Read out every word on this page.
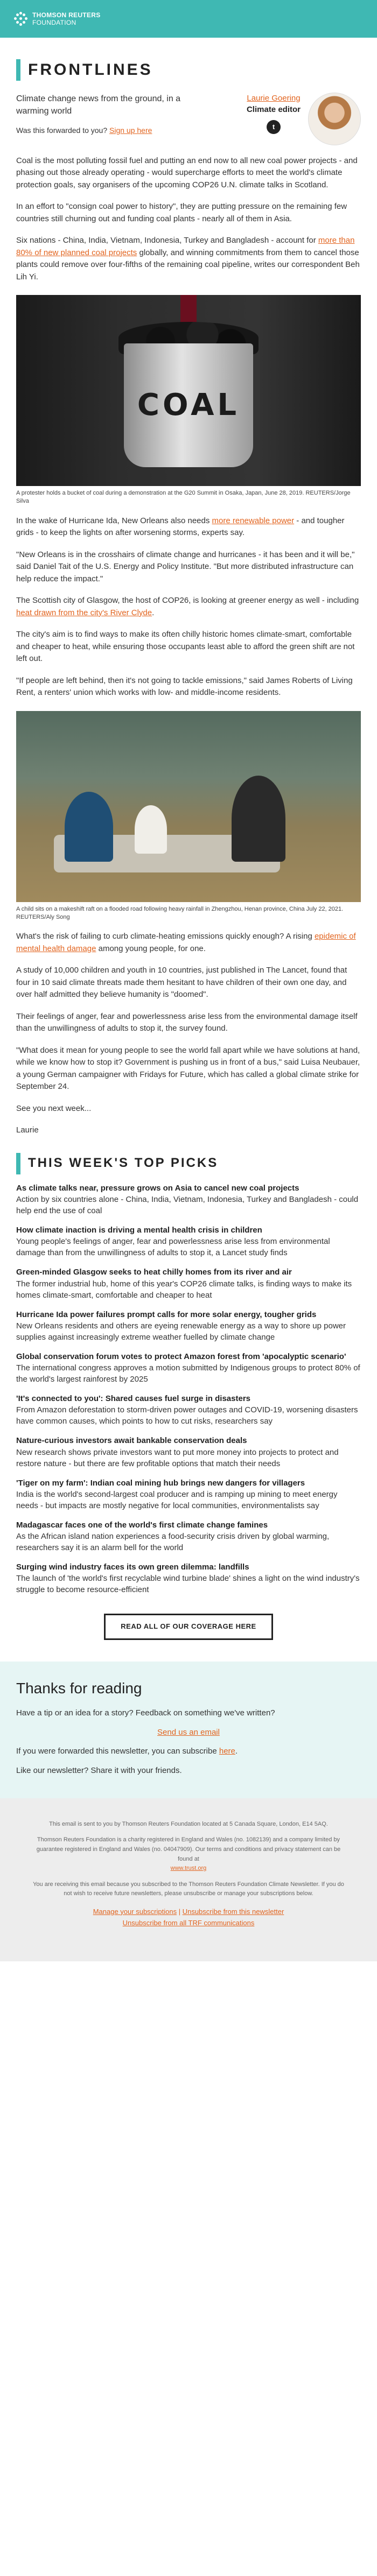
THOMSON REUTERS
FOUNDATION
FRONTLINES
Climate change news from the ground, in a warming world
Was this forwarded to you? Sign up here
Laurie Goering
Climate editor
t

Coal is the most polluting fossil fuel and putting an end now to all new coal power projects - and phasing out those already operating - would supercharge efforts to meet the world's climate protection goals, say organisers of the upcoming COP26 U.N. climate talks in Scotland.

In an effort to "consign coal power to history", they are putting pressure on the remaining few countries still churning out and funding coal plants - nearly all of them in Asia.

Six nations - China, India, Vietnam, Indonesia, Turkey and Bangladesh - account for more than 80% of new planned coal projects globally, and winning commitments from them to cancel those plants could remove over four-fifths of the remaining coal pipeline, writes our correspondent Beh Lih Yi.

COAL
A protester holds a bucket of coal during a demonstration at the G20 Summit in Osaka, Japan, June 28, 2019. REUTERS/Jorge Silva

In the wake of Hurricane Ida, New Orleans also needs more renewable power - and tougher grids - to keep the lights on after worsening storms, experts say.

"New Orleans is in the crosshairs of climate change and hurricanes - it has been and it will be," said Daniel Tait of the U.S. Energy and Policy Institute. "But more distributed infrastructure can help reduce the impact."

The Scottish city of Glasgow, the host of COP26, is looking at greener energy as well - including heat drawn from the city's River Clyde.

The city's aim is to find ways to make its often chilly historic homes climate-smart, comfortable and cheaper to heat, while ensuring those occupants least able to afford the green shift are not left out.

"If people are left behind, then it's not going to tackle emissions," said James Roberts of Living Rent, a renters' union which works with low- and middle-income residents.

A child sits on a makeshift raft on a flooded road following heavy rainfall in Zhengzhou, Henan province, China July 22, 2021. REUTERS/Aly Song

What's the risk of failing to curb climate-heating emissions quickly enough? A rising epidemic of mental health damage among young people, for one.

A study of 10,000 children and youth in 10 countries, just published in The Lancet, found that four in 10 said climate threats made them hesitant to have children of their own one day, and over half admitted they believe humanity is "doomed".

Their feelings of anger, fear and powerlessness arise less from the environmental damage itself than the unwillingness of adults to stop it, the survey found.

"What does it mean for young people to see the world fall apart while we have solutions at hand, while we know how to stop it? Government is pushing us in front of a bus," said Luisa Neubauer, a young German campaigner with Fridays for Future, which has called a global climate strike for September 24.

See you next week...

Laurie

THIS WEEK'S TOP PICKS
As climate talks near, pressure grows on Asia to cancel new coal projects
Action by six countries alone - China, India, Vietnam, Indonesia, Turkey and Bangladesh - could help end the use of coal
How climate inaction is driving a mental health crisis in children
Young people's feelings of anger, fear and powerlessness arise less from environmental damage than from the unwillingness of adults to stop it, a Lancet study finds
Green-minded Glasgow seeks to heat chilly homes from its river and air
The former industrial hub, home of this year's COP26 climate talks, is finding ways to make its homes climate-smart, comfortable and cheaper to heat
Hurricane Ida power failures prompt calls for more solar energy, tougher grids
New Orleans residents and others are eyeing renewable energy as a way to shore up power supplies against increasingly extreme weather fuelled by climate change
Global conservation forum votes to protect Amazon forest from 'apocalyptic scenario'
The international congress approves a motion submitted by Indigenous groups to protect 80% of the world's largest rainforest by 2025
'It's connected to you': Shared causes fuel surge in disasters
From Amazon deforestation to storm-driven power outages and COVID-19, worsening disasters have common causes, which points to how to cut risks, researchers say
Nature-curious investors await bankable conservation deals
New research shows private investors want to put more money into projects to protect and restore nature - but there are few profitable options that match their needs
'Tiger on my farm': Indian coal mining hub brings new dangers for villagers
India is the world's second-largest coal producer and is ramping up mining to meet energy needs - but impacts are mostly negative for local communities, environmentalists say
Madagascar faces one of the world's first climate change famines
As the African island nation experiences a food-security crisis driven by global warming, researchers say it is an alarm bell for the world
Surging wind industry faces its own green dilemma: landfills
The launch of 'the world's first recyclable wind turbine blade' shines a light on the wind industry's struggle to become resource-efficient
READ ALL OF OUR COVERAGE HERE
Thanks for reading

Have a tip or an idea for a story? Feedback on something we've written?

Send us an email

If you were forwarded this newsletter, you can subscribe here.

Like our newsletter? Share it with your friends.

This email is sent to you by Thomson Reuters Foundation located at 5 Canada Square, London, E14 5AQ.

Thomson Reuters Foundation is a charity registered in England and Wales (no. 1082139) and a company limited by guarantee registered in England and Wales (no. 04047909). Our terms and conditions and privacy statement can be found at
www.trust.org

You are receiving this email because you subscribed to the Thomson Reuters Foundation Climate Newsletter. If you do not wish to receive future newsletters, please unsubscribe or manage your subscriptions below.

Manage your subscriptions | Unsubscribe from this newsletter
Unsubscribe from all TRF communications
